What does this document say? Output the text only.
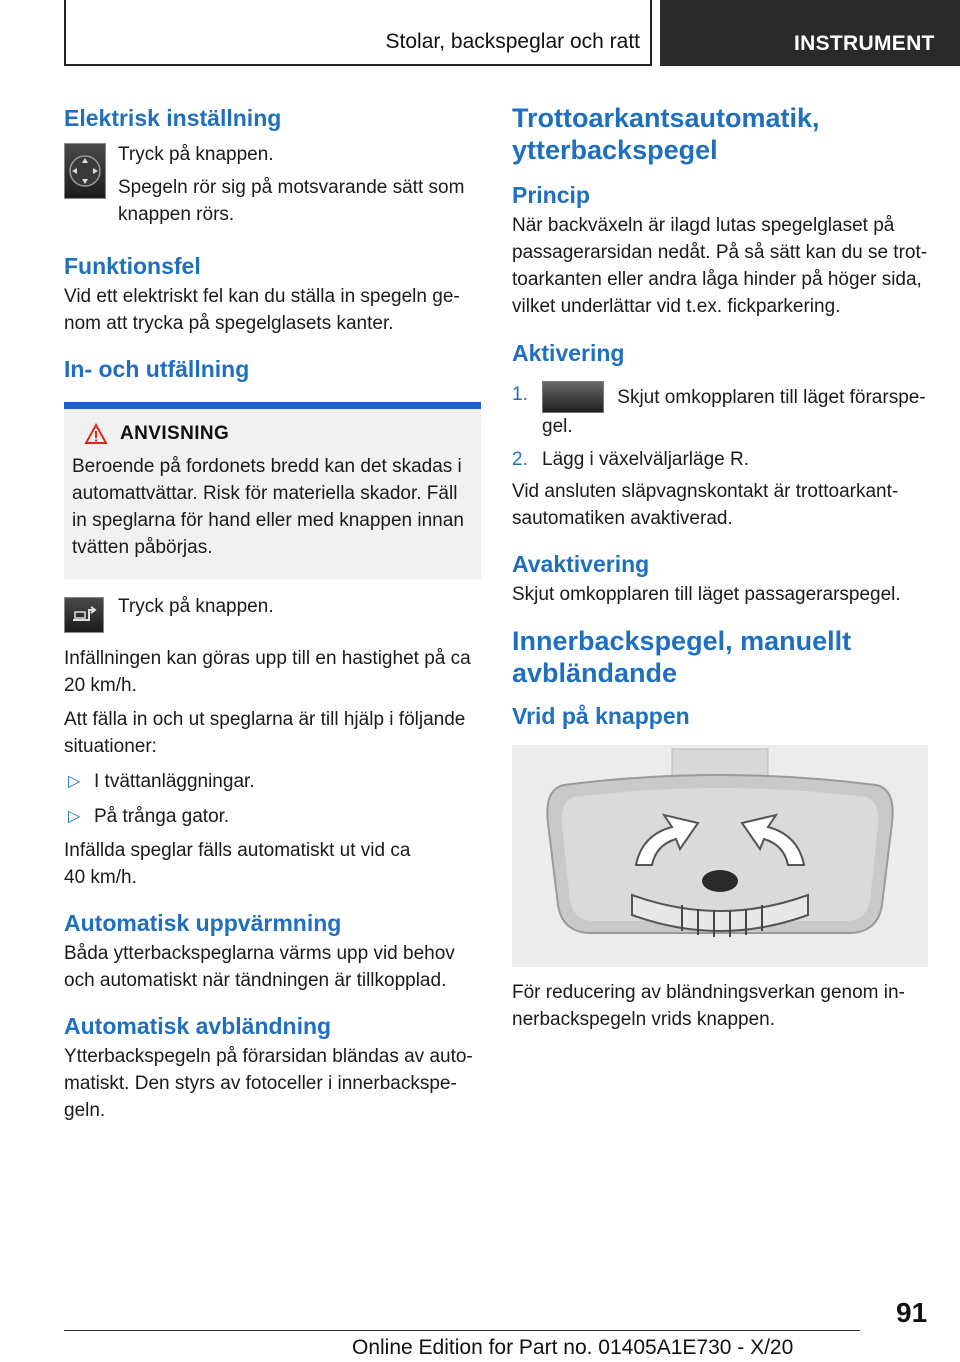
Stolar, backspeglar och ratt	INSTRUMENT
Elektrisk inställning
Tryck på knappen.
Spegeln rör sig på motsvarande sätt som knappen rörs.
Funktionsfel
Vid ett elektriskt fel kan du ställa in spegeln ge-nom att trycka på spegelglasets kanter.
In- och utfällning
ANVISNING
Beroende på fordonets bredd kan det skadas i automattvättar. Risk för materiella skador. Fäll in speglarna för hand eller med knappen innan tvätten påbörjas.
Tryck på knappen.
Infällningen kan göras upp till en hastighet på ca 20 km/h.
Att fälla in och ut speglarna är till hjälp i följande situationer:
▷ I tvättanläggningar.
▷ På trånga gator.
Infällda speglar fälls automatiskt ut vid ca
40 km/h.
Automatisk uppvärmning
Båda ytterbackspeglarna värms upp vid behov och automatiskt när tändningen är tillkopplad.
Automatisk avbländning
Ytterbackspegeln på förarsidan bländas av auto-matiskt. Den styrs av fotoceller i innerbackspe-geln.
Trottoarkantsautomatik, ytterbackspegel
Princip
När backväxeln är ilagd lutas spegelglaset på passagerarsidan nedåt. På så sätt kan du se trot-toarkanten eller andra låga hinder på höger sida, vilket underlättar vid t.ex. fickparkering.
Aktivering
1.	Skjut omkopplaren till läget förarspe-gel.
2. Lägg i växelväljarläge R.
Vid ansluten släpvagnskontakt är trottoarkant-sautomatiken avaktiverad.
Avaktivering
Skjut omkopplaren till läget passagerarspegel.
Innerbackspegel, manuellt avbländande
Vrid på knappen
För reducering av bländningsverkan genom in-nerbackspegeln vrids knappen.
91
Online Edition for Part no. 01405A1E730 - X/20
